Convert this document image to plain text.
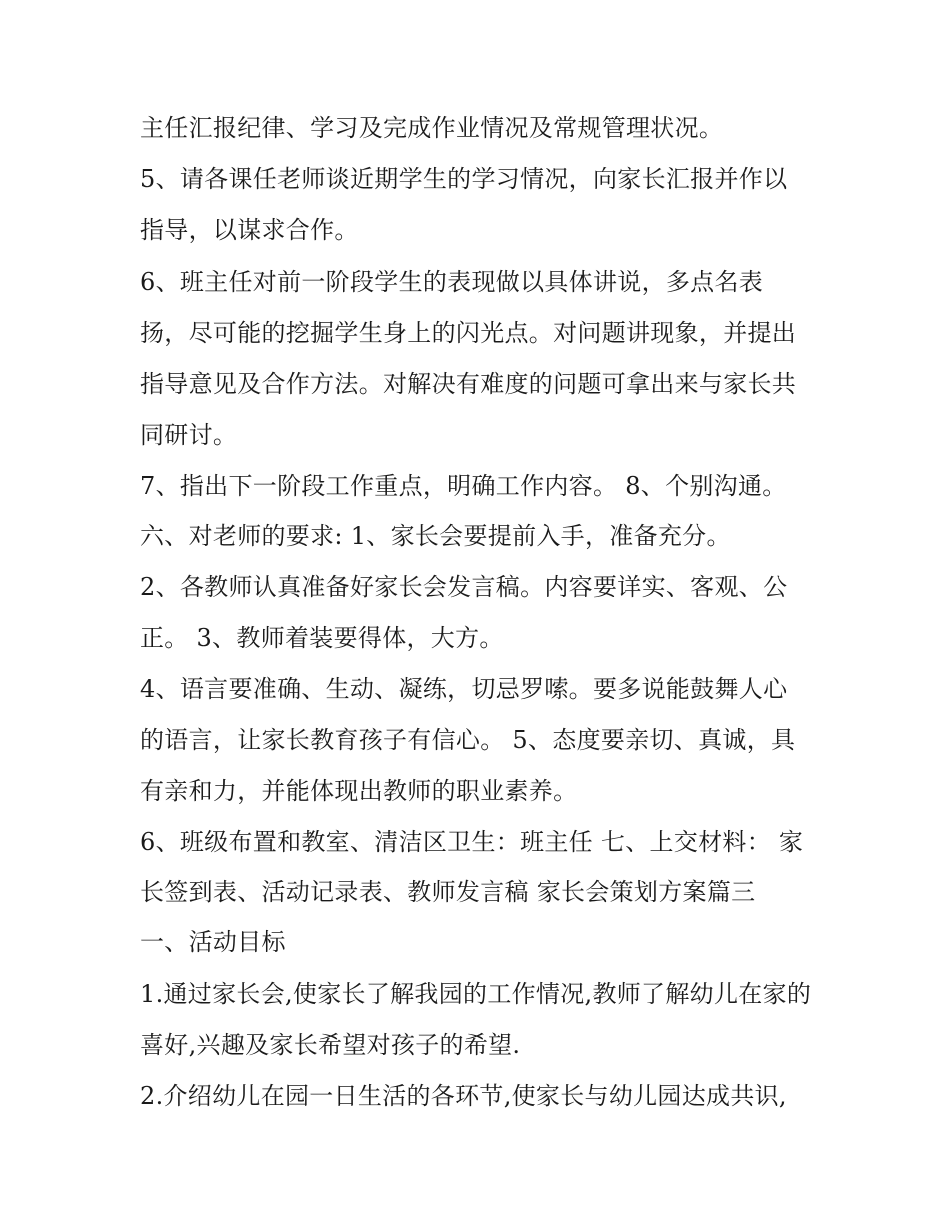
主任汇报纪律、学习及完成作业情况及常规管理状况。
5、请各课任老师谈近期学生的学习情况，向家长汇报并作以
指导，以谋求合作。
6、班主任对前一阶段学生的表现做以具体讲说，多点名表
扬，尽可能的挖掘学生身上的闪光点。对问题讲现象，并提出
指导意见及合作方法。对解决有难度的问题可拿出来与家长共
同研讨。
7、指出下一阶段工作重点，明确工作内容。 8、个别沟通。
六、对老师的要求: 1、家长会要提前入手，准备充分。
2、各教师认真准备好家长会发言稿。内容要详实、客观、公
正。 3、教师着装要得体，大方。
4、语言要准确、生动、凝练，切忌罗嗦。要多说能鼓舞人心
的语言，让家长教育孩子有信心。 5、态度要亲切、真诚，具
有亲和力，并能体现出教师的职业素养。
6、班级布置和教室、清洁区卫生：班主任 七、上交材料： 家
长签到表、活动记录表、教师发言稿 家长会策划方案篇三
一、活动目标
1.通过家长会,使家长了解我园的工作情况,教师了解幼儿在家的
喜好,兴趣及家长希望对孩子的希望.
2.介绍幼儿在园一日生活的各环节,使家长与幼儿园达成共识,
